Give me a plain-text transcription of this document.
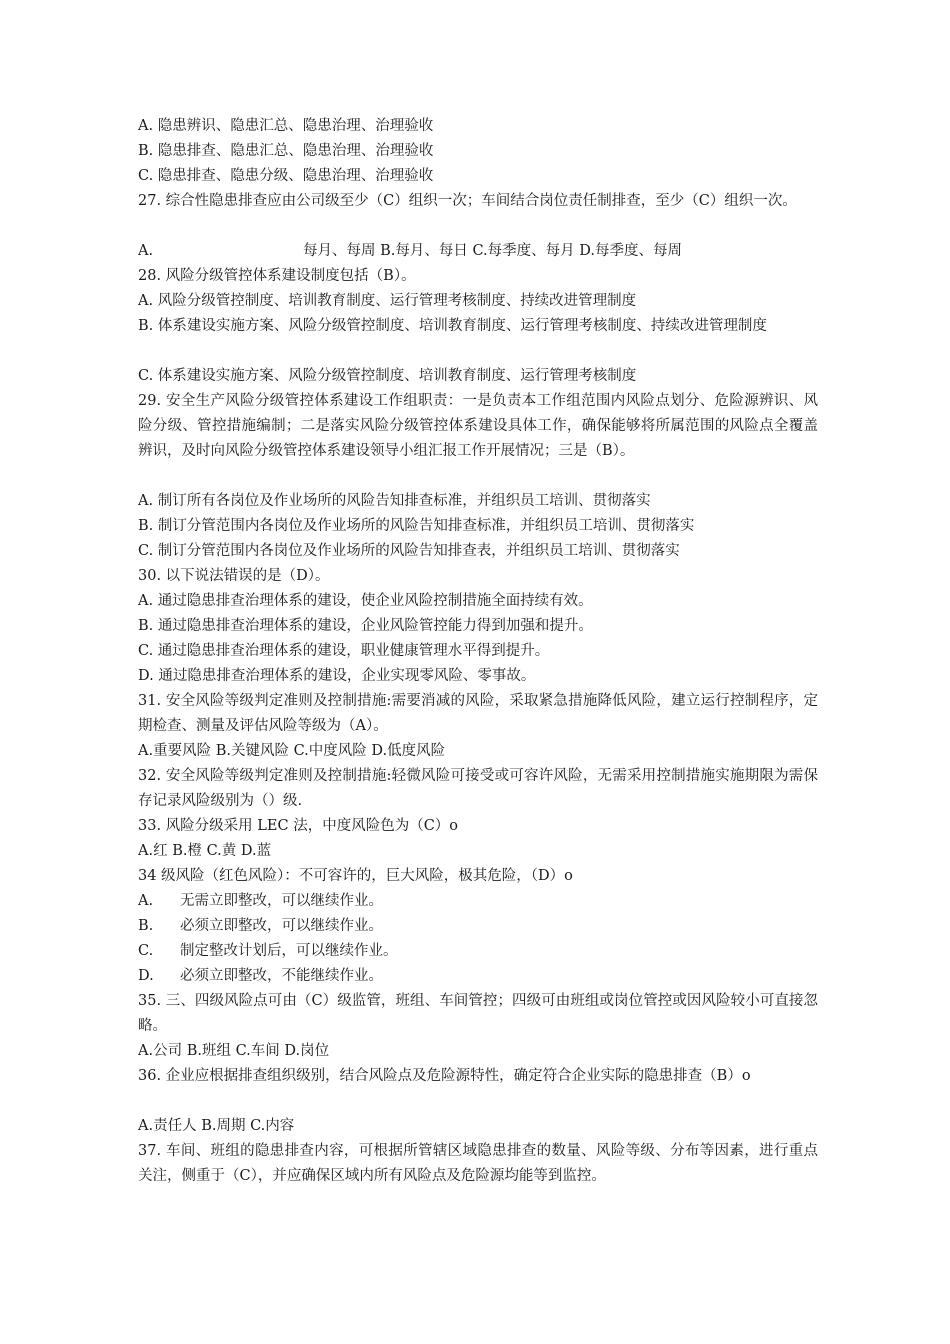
A. 隐患辨识、隐患汇总、隐患治理、治理验收
B. 隐患排查、隐患汇总、隐患治理、治理验收
C. 隐患排查、隐患分级、隐患治理、治理验收
27. 综合性隐患排查应由公司级至少（C）组织一次；车间结合岗位责任制排查，至少（C）组织一次。
A.	每月、每周 B.每月、每日 C.每季度、每月 D.每季度、每周
28. 风险分级管控体系建设制度包括（B）。
A. 风险分级管控制度、培训教育制度、运行管理考核制度、持续改进管理制度
B. 体系建设实施方案、风险分级管控制度、培训教育制度、运行管理考核制度、持续改进管理制度
C. 体系建设实施方案、风险分级管控制度、培训教育制度、运行管理考核制度
29. 安全生产风险分级管控体系建设工作组职责：一是负责本工作组范围内风险点划分、危险源辨识、风险分级、管控措施编制；二是落实风险分级管控体系建设具体工作，确保能够将所属范围的风险点全覆盖辨识，及时向风险分级管控体系建设领导小组汇报工作开展情况；三是（B）。
A. 制订所有各岗位及作业场所的风险告知排查标准，并组织员工培训、贯彻落实
B. 制订分管范围内各岗位及作业场所的风险告知排查标准，并组织员工培训、贯彻落实
C. 制订分管范围内各岗位及作业场所的风险告知排查表，并组织员工培训、贯彻落实
30. 以下说法错误的是（D）。
A. 通过隐患排查治理体系的建设，使企业风险控制措施全面持续有效。
B. 通过隐患排查治理体系的建设，企业风险管控能力得到加强和提升。
C. 通过隐患排查治理体系的建设，职业健康管理水平得到提升。
D. 通过隐患排查治理体系的建设，企业实现零风险、零事故。
31. 安全风险等级判定准则及控制措施:需要消减的风险，采取紧急措施降低风险，建立运行控制程序，定期检查、测量及评估风险等级为（A）。
A.重要风险 B.关键风险 C.中度风险 D.低度风险
32. 安全风险等级判定准则及控制措施:轻微风险可接受或可容许风险，无需采用控制措施实施期限为需保存记录风险级别为（）级.
33. 风险分级采用 LEC 法，中度风险色为（C）o
A.红 B.橙 C.黄 D.蓝
34 级风险（红色风险）：不可容许的，巨大风险，极其危险，（D）o
A. 无需立即整改，可以继续作业。
B. 必须立即整改，可以继续作业。
C. 制定整改计划后，可以继续作业。
D. 必须立即整改，不能继续作业。
35. 三、四级风险点可由（C）级监管，班组、车间管控；四级可由班组或岗位管控或因风险较小可直接忽略。
A.公司 B.班组 C.车间 D.岗位
36. 企业应根据排查组织级别，结合风险点及危险源特性，确定符合企业实际的隐患排查（B）o
A.责任人 B.周期 C.内容
37. 车间、班组的隐患排查内容，可根据所管辖区域隐患排查的数量、风险等级、分布等因素，进行重点关注，侧重于（C），并应确保区域内所有风险点及危险源均能等到监控。
